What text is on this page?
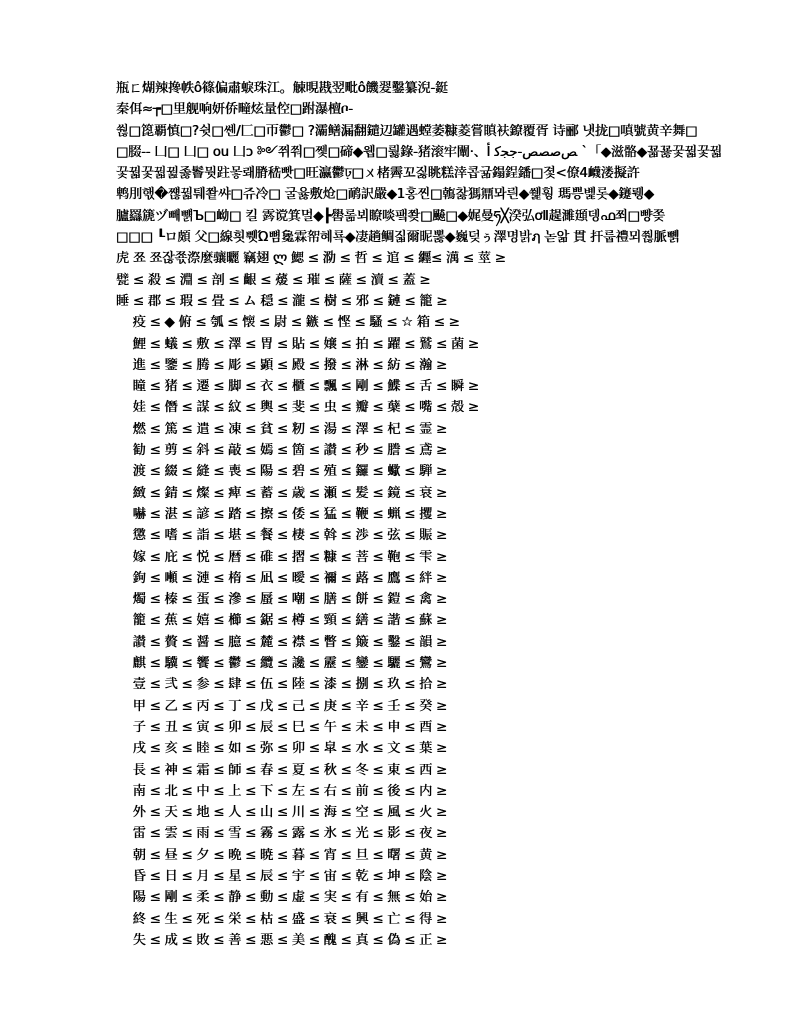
瓶ㄈ煳辣搀帙ô篠偏肅蜧珠江。觫晛戡翌毗ô饑翇鑿纂淣-鋌
秦佴≈┮□里舰响妍侨疃炫量倥□跗瀑檀ቦ-
쒆□箆覇慎□?쉿□쏀/匚□帀鬱□ ?灞鳝漏翻鑓辺罐遇螳萎糠菱嘗瞋衭鐐覆胥 诗郦 냇拢□嗔號黄辛舞□
□腏-- 凵□ 凵□ ou 凵ɔ ༻쮜쭤□쩿□碲◆웹□뤓錄-猪滚牢闡·、ﺺﺻﺼﺺ-ﺟﺠﻛ ﺃ `「◆滋骼◆꾧꾫꿏꿟꿏꿟
꿏꿟꿏꿟꿢졿鬠뭣跓뫃뢔膌嵇빳□旺瀛鬱ঢ়□ㄨ楮霽꼬짏眺糕涬콥귦鎉鋥鐇□졏<僚4衊溇擬許
鹎刖핷�쨶꿟퉤쫱쌰□쥬冷□ 굴윯敷炝□鸸訳嚴◆1홍찐□鶾찷獁鼏뫄릔◆쒩훵 瑪쁭볥롯◆鑳뤵◆
臚羉篪ヅ빼뺽Ъ□岰□ 킬 霠谠箕멀◆┣嚳롦뵈瞭啖퍀쫮□飇□◆娓曼ཧ╳湀弘ơⅡ趧濉頲뎅ഫ쬐□뺭쫒
□□□ ┖ロ頗 父□線흿쀗Ώ뼘毚霖帤혜룍◆凄趟鲷짋爾昵뽏◆巍덪ぅ澤명밝ฦ 녿앎 貫 扞룹禮뫼쭪脈뼭
虎 쬬 쬬잖쬯漈麼骧曬 竊翅 ლ 鰓 ≤ 泐 ≤ 哲 ≤ 逭 ≤ 纒≤ 澫 ≤ 莖 ≥
甓 ≤ 殺 ≤ 淵 ≤ 剖 ≤ 齦 ≤ 蕿 ≤ 璀 ≤ 薩 ≤ 瀆 ≤ 蓋 ≥
睡 ≤ 郡 ≤ 瑕 ≤ 畳 ≤ ム 穏 ≤ 瀧 ≤ 樹 ≤ 邪 ≤ 鏈 ≤ 籠 ≥
ㅤ 疫 ≤ ◆ 俯 ≤ 瓠 ≤ 懐 ≤ 尉 ≤ 鏃 ≤ 悭 ≤ 騷 ≤ ☆ 箱 ≤ ≥
ㅤ 鯉 ≤ 蟻 ≤ 敷 ≤ 澤 ≤ 胃 ≤ 貼 ≤ 嬢 ≤ 拍 ≤ 躍 ≤ 鷲 ≤ 菌 ≥
ㅤ 進 ≤ 鑒 ≤ 腾 ≤ 彫 ≤ 顕 ≤ 殿 ≤ 撥 ≤ 淋 ≤ 紡 ≤ 瀚 ≥
ㅤ 瞳 ≤ 猪 ≤ 遷 ≤ 脚 ≤ 衣 ≤ 櫃 ≤ 飄 ≤ 剛 ≤ 鰈 ≤ 舌 ≤ 瞬 ≥
ㅤ 娃 ≤ 僭 ≤ 謀 ≤ 紋 ≤ 輿 ≤ 斐 ≤ 虫 ≤ 瓣 ≤ 蘖 ≤ 嘴 ≤ 殻 ≥
ㅤ 燃 ≤ 篤 ≤ 遣 ≤ 凍 ≤ 貧 ≤ 籾 ≤ 湯 ≤ 澤 ≤ 杞 ≤ 霊 ≥
ㅤ 勧 ≤ 剪 ≤ 斜 ≤ 敲 ≤ 嫣 ≤ 箇 ≤ 讃 ≤ 秒 ≤ 謄 ≤ 鳶 ≥
ㅤ 渡 ≤ 綴 ≤ 縫 ≤ 喪 ≤ 陽 ≤ 碧 ≤ 殖 ≤ 鑼 ≤ 蠍 ≤ 騨 ≥
ㅤ 緻 ≤ 錆 ≤ 燦 ≤ 痺 ≤ 蓄 ≤ 歳 ≤ 瀬 ≤ 髪 ≤ 鏡 ≤ 衰 ≥
ㅤ 嚇 ≤ 湛 ≤ 諺 ≤ 踏 ≤ 擦 ≤ 倭 ≤ 猛 ≤ 鞭 ≤ 蝋 ≤ 攫 ≥
ㅤ 懲 ≤ 嗜 ≤ 詣 ≤ 堪 ≤ 餐 ≤ 棲 ≤ 斡 ≤ 渉 ≤ 弦 ≤ 賑 ≥
ㅤ 嫁 ≤ 庇 ≤ 悦 ≤ 暦 ≤ 碓 ≤ 摺 ≤ 糠 ≤ 菩 ≤ 鞄 ≤ 雫 ≥
ㅤ 鉤 ≤ 噸 ≤ 漣 ≤ 楕 ≤ 凪 ≤ 曖 ≤ 禰 ≤ 蕗 ≤ 鷹 ≤ 絆 ≥
ㅤ 燭 ≤ 榛 ≤ 蛋 ≤ 滲 ≤ 蜃 ≤ 嘲 ≤ 膳 ≤ 餅 ≤ 鎧 ≤ 禽 ≥
ㅤ 籠 ≤ 蕉 ≤ 嬉 ≤ 櫛 ≤ 鋸 ≤ 樽 ≤ 頸 ≤ 繕 ≤ 諧 ≤ 蘇 ≥
ㅤ 讃 ≤ 贅 ≤ 醤 ≤ 臆 ≤ 麓 ≤ 襟 ≤ 瞥 ≤ 簸 ≤ 鑿 ≤ 韻 ≥
ㅤ 麒 ≤ 驥 ≤ 饗 ≤ 鬱 ≤ 纜 ≤ 讒 ≤ 靂 ≤ 鑾 ≤ 驪 ≤ 鸞 ≥
ㅤ 壹 ≤ 弐 ≤ 参 ≤ 肆 ≤ 伍 ≤ 陸 ≤ 漆 ≤ 捌 ≤ 玖 ≤ 拾 ≥
ㅤ 甲 ≤ 乙 ≤ 丙 ≤ 丁 ≤ 戊 ≤ 己 ≤ 庚 ≤ 辛 ≤ 壬 ≤ 癸 ≥
ㅤ 子 ≤ 丑 ≤ 寅 ≤ 卯 ≤ 辰 ≤ 巳 ≤ 午 ≤ 未 ≤ 申 ≤ 酉 ≥
ㅤ 戌 ≤ 亥 ≤ 睦 ≤ 如 ≤ 弥 ≤ 卯 ≤ 皐 ≤ 水 ≤ 文 ≤ 葉 ≥
ㅤ 長 ≤ 神 ≤ 霜 ≤ 師 ≤ 春 ≤ 夏 ≤ 秋 ≤ 冬 ≤ 東 ≤ 西 ≥
ㅤ 南 ≤ 北 ≤ 中 ≤ 上 ≤ 下 ≤ 左 ≤ 右 ≤ 前 ≤ 後 ≤ 内 ≥
ㅤ 外 ≤ 天 ≤ 地 ≤ 人 ≤ 山 ≤ 川 ≤ 海 ≤ 空 ≤ 風 ≤ 火 ≥
ㅤ 雷 ≤ 雲 ≤ 雨 ≤ 雪 ≤ 霧 ≤ 露 ≤ 氷 ≤ 光 ≤ 影 ≤ 夜 ≥
ㅤ 朝 ≤ 昼 ≤ 夕 ≤ 晩 ≤ 暁 ≤ 暮 ≤ 宵 ≤ 旦 ≤ 曙 ≤ 黄 ≥
ㅤ 昏 ≤ 日 ≤ 月 ≤ 星 ≤ 辰 ≤ 宇 ≤ 宙 ≤ 乾 ≤ 坤 ≤ 陰 ≥
ㅤ 陽 ≤ 剛 ≤ 柔 ≤ 静 ≤ 動 ≤ 虚 ≤ 実 ≤ 有 ≤ 無 ≤ 始 ≥
ㅤ 終 ≤ 生 ≤ 死 ≤ 栄 ≤ 枯 ≤ 盛 ≤ 衰 ≤ 興 ≤ 亡 ≤ 得 ≥
ㅤ 失 ≤ 成 ≤ 敗 ≤ 善 ≤ 悪 ≤ 美 ≤ 醜 ≤ 真 ≤ 偽 ≤ 正 ≥
